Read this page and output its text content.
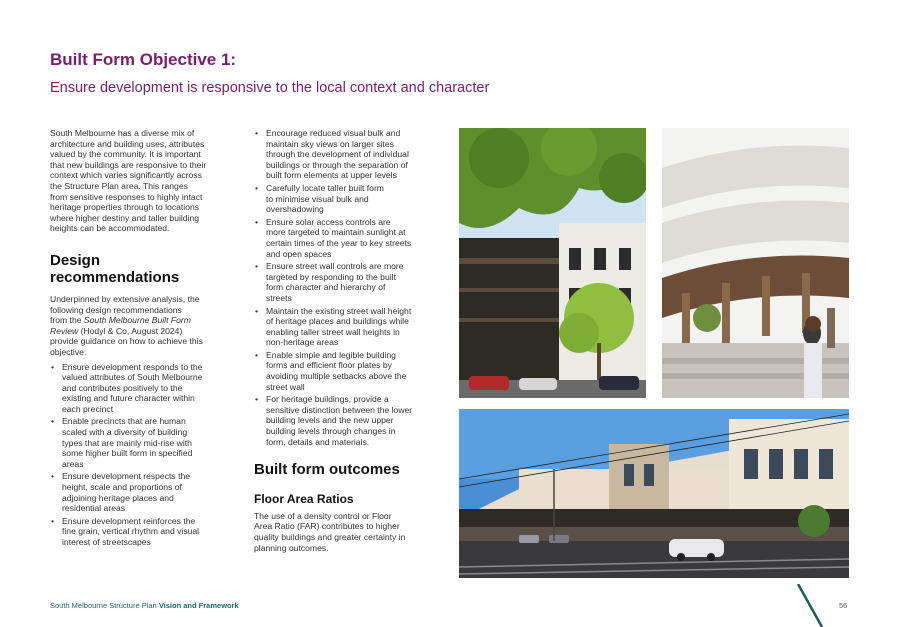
Built Form Objective 1:
Ensure development is responsive to the local context and character

South Melbourne has a diverse mix of
architecture and building uses, attributes
valued by the community. It is important
that new buildings are responsive to their
context which varies significantly across
the Structure Plan area. This ranges
from sensitive responses to highly intact
heritage properties through to locations
where higher destiny and taller building
heights can be accommodated.

Design
recommendations

Underpinned by extensive analysis, the
following design recommendations
from the South Melbourne Built Form
Review (Hodyl & Co, August 2024)
provide guidance on how to achieve this
objective:

• Ensure development responds to the
valued attributes of South Melbourne
and contributes positively to the
existing and future character within
each precinct
• Enable precincts that are human
scaled with a diversity of building
types that are mainly mid-rise with
some higher built form in specified
areas
• Ensure development respects the
height, scale and proportions of
adjoining heritage places and
residential areas
• Ensure development reinforces the
fine grain, vertical rhythm and visual
interest of streetscapes
• Encourage reduced visual bulk and
maintain sky views on larger sites
through the development of individual
buildings or through the separation of
built form elements at upper levels
• Carefully locate taller built form
to minimise visual bulk and
overshadowing
• Ensure solar access controls are
more targeted to maintain sunlight at
certain times of the year to key streets
and open spaces
• Ensure street wall controls are more
targeted by responding to the built
form character and hierarchy of
streets
• Maintain the existing street wall height
of heritage places and buildings while
enabling taller street wall heights in
non-heritage areas
• Enable simple and legible building
forms and efficient floor plates by
avoiding multiple setbacks above the
street wall
• For heritage buildings, provide a
sensitive distinction between the lower
building levels and the new upper
building levels through changes in
form, details and materials.
Built form outcomes
Floor Area Ratios

The use of a density control or Floor
Area Ratio (FAR) contributes to higher
quality buildings and greater certainty in
planning outcomes.

South Melbourne Structure Plan Vision and Framework	56
